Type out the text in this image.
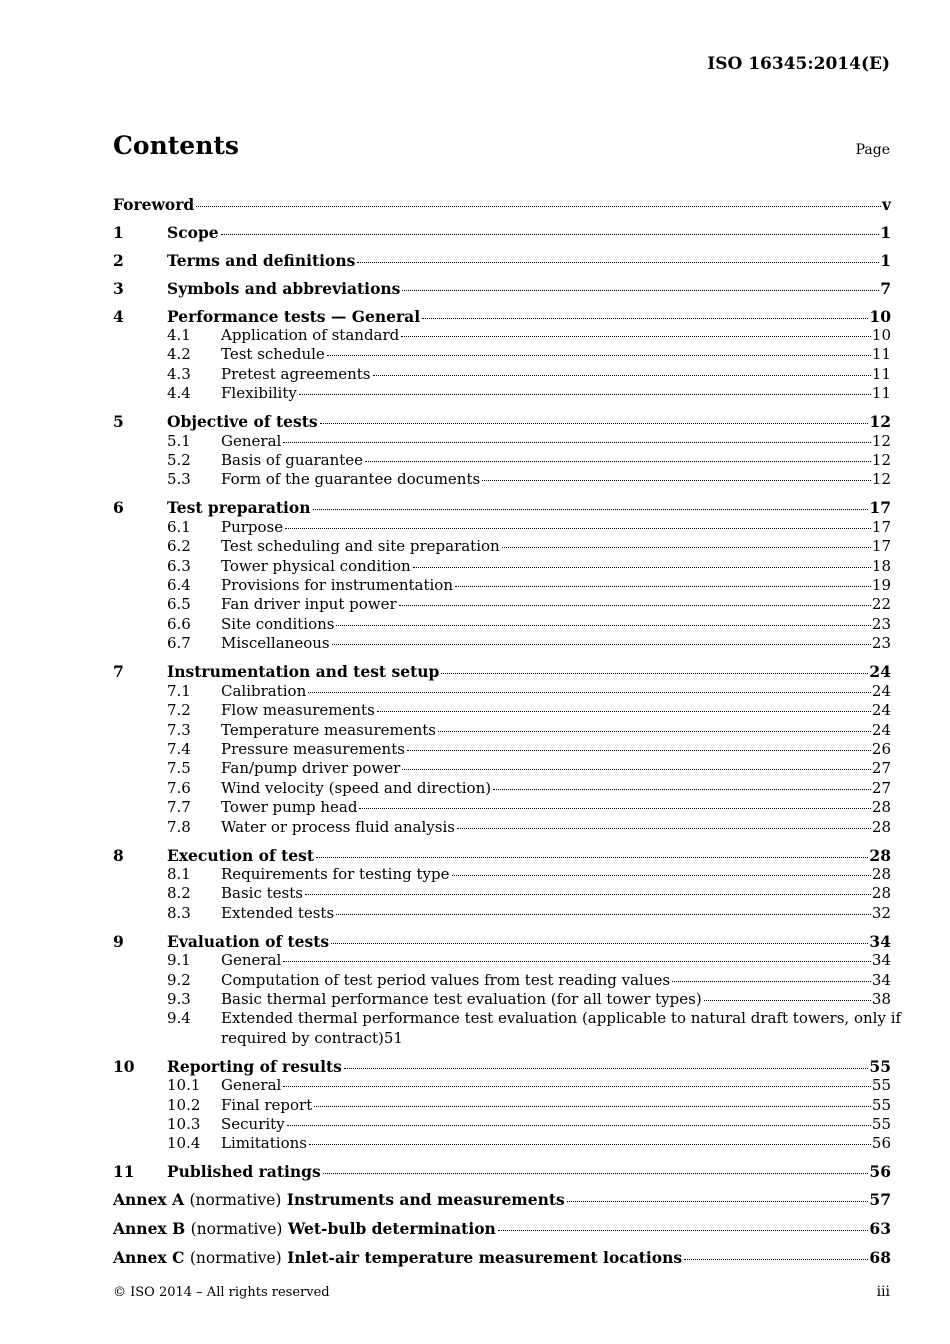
ISO 16345:2014(E)
Contents	Page
Foreword	v
1	Scope	1
2	Terms and definitions	1
3	Symbols and abbreviations	7
4	Performance tests — General	10
4.1	Application of standard	10
4.2	Test schedule	11
4.3	Pretest agreements	11
4.4	Flexibility	11
5	Objective of tests	12
5.1	General	12
5.2	Basis of guarantee	12
5.3	Form of the guarantee documents	12
6	Test preparation	17
6.1	Purpose	17
6.2	Test scheduling and site preparation	17
6.3	Tower physical condition	18
6.4	Provisions for instrumentation	19
6.5	Fan driver input power	22
6.6	Site conditions	23
6.7	Miscellaneous	23
7	Instrumentation and test setup	24
7.1	Calibration	24
7.2	Flow measurements	24
7.3	Temperature measurements	24
7.4	Pressure measurements	26
7.5	Fan/pump driver power	27
7.6	Wind velocity (speed and direction)	27
7.7	Tower pump head	28
7.8	Water or process fluid analysis	28
8	Execution of test	28
8.1	Requirements for testing type	28
8.2	Basic tests	28
8.3	Extended tests	32
9	Evaluation of tests	34
9.1	General	34
9.2	Computation of test period values from test reading values	34
9.3	Basic thermal performance test evaluation (for all tower types)	38
9.4	Extended thermal performance test evaluation (applicable to natural draft towers, only if
required by contract) 51
10	Reporting of results	55
10.1	General	55
10.2	Final report	55
10.3	Security	55
10.4	Limitations	56
11	Published ratings	56
Annex A (normative) Instruments and measurements	57
Annex B (normative) Wet-bulb determination	63
Annex C (normative) Inlet-air temperature measurement locations	68
© ISO 2014 – All rights reserved	iii
